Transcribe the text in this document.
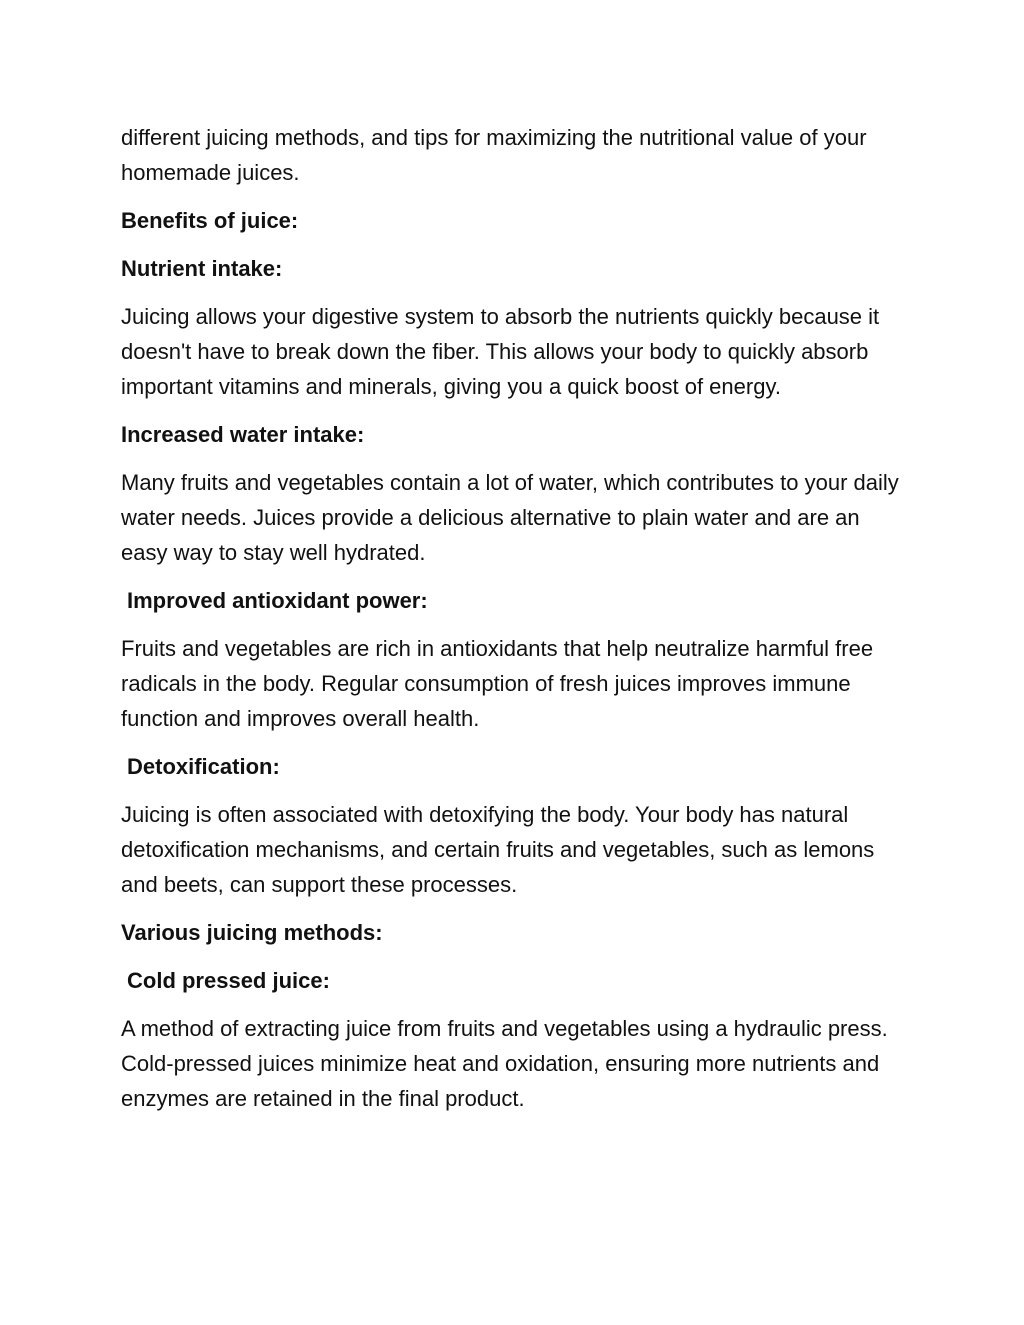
different juicing methods, and tips for maximizing the nutritional value of your homemade juices.

Benefits of juice:

Nutrient intake:

Juicing allows your digestive system to absorb the nutrients quickly because it doesn't have to break down the fiber. This allows your body to quickly absorb important vitamins and minerals, giving you a quick boost of energy.

Increased water intake:

Many fruits and vegetables contain a lot of water, which contributes to your daily water needs. Juices provide a delicious alternative to plain water and are an easy way to stay well hydrated.

Improved antioxidant power:

Fruits and vegetables are rich in antioxidants that help neutralize harmful free radicals in the body. Regular consumption of fresh juices improves immune function and improves overall health.

Detoxification:

Juicing is often associated with detoxifying the body. Your body has natural detoxification mechanisms, and certain fruits and vegetables, such as lemons and beets, can support these processes.

Various juicing methods:

Cold pressed juice:

A method of extracting juice from fruits and vegetables using a hydraulic press. Cold-pressed juices minimize heat and oxidation, ensuring more nutrients and enzymes are retained in the final product.
